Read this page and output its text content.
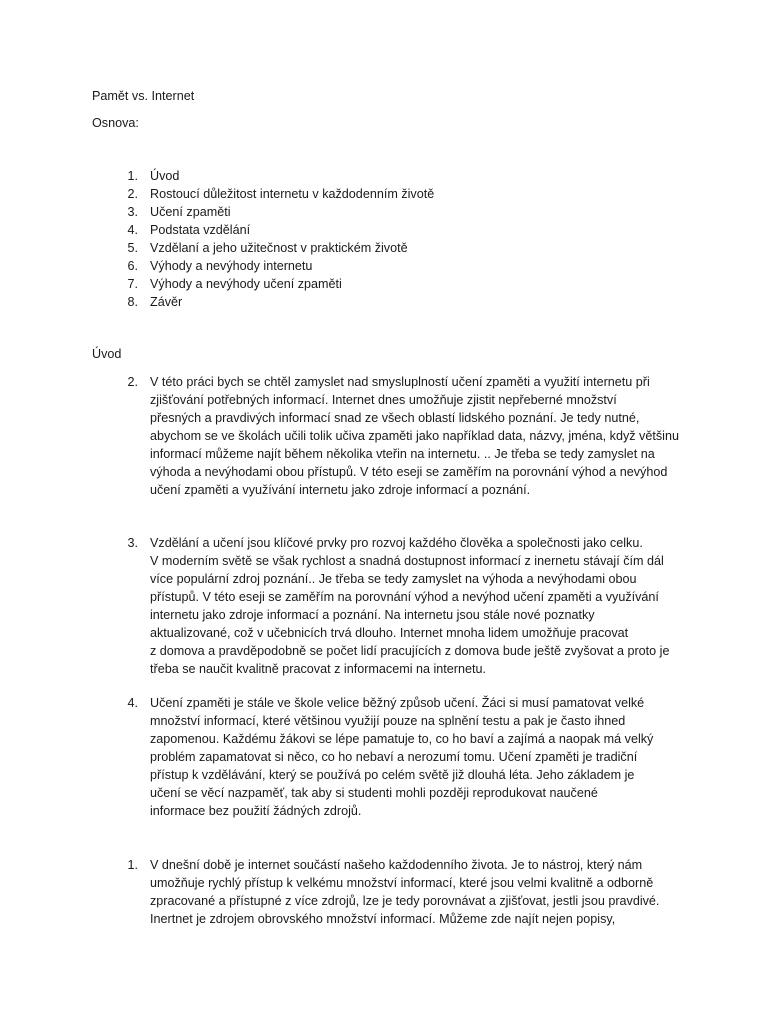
Pamět vs. Internet
Osnova:
1. Úvod
2. Rostoucí důležitost internetu v každodenním životě
3. Učení zpaměti
4. Podstata vzdělání
5. Vzdělaní a jeho užitečnost v praktickém životě
6. Výhody a nevýhody internetu
7. Výhody a nevýhody učení zpaměti
8. Závěr
Úvod
2. V této práci bych se chtěl zamyslet nad smysluplností učení zpaměti a využití internetu při
zjišťování potřebných informací. Internet dnes umožňuje zjistit nepřeberné množství
přesných a pravdivých informací snad ze všech oblastí lidského poznání. Je tedy nutné,
abychom se ve školách učili tolik učiva zpaměti jako například data, názvy, jména, když většinu
informací můžeme najít během několika vteřin na internetu. .. Je třeba se tedy zamyslet na
výhoda a nevýhodami obou přístupů. V této eseji se zaměřím na porovnání výhod a nevýhod
učení zpaměti a využívání internetu jako zdroje informací a poznání.
3. Vzdělání a učení jsou klíčové prvky pro rozvoj každého člověka a společnosti jako celku.
V moderním světě se však rychlost a snadná dostupnost informací z inernetu stávají čím dál
více populární zdroj poznání.. Je třeba se tedy zamyslet na výhoda a nevýhodami obou
přístupů. V této eseji se zaměřím na porovnání výhod a nevýhod učení zpaměti a využívání
internetu jako zdroje informací a poznání. Na internetu jsou stále nové poznatky
aktualizované, což v učebnicích trvá dlouho. Internet mnoha lidem umožňuje pracovat
z domova a pravděpodobně se počet lidí pracujících z domova bude ještě zvyšovat a proto je
třeba se naučit kvalitně pracovat z informacemi na internetu.
4. Učení zpaměti je stále ve škole velice běžný způsob učení. Žáci si musí pamatovat velké
množství informací, které většinou využijí pouze na splnění testu a pak je často ihned
zapomenou. Každému žákovi se lépe pamatuje to, co ho baví a zajímá a naopak má velký
problém zapamatovat si něco, co ho nebaví a nerozumí tomu. Učení zpaměti je tradiční
přístup k vzdělávání, který se používá po celém světě již dlouhá léta. Jeho základem je
učení se věcí nazpaměť, tak aby si studenti mohli později reprodukovat naučené
informace bez použití žádných zdrojů.
1. V dnešní době je internet součástí našeho každodenního života. Je to nástroj, který nám
umožňuje rychlý přístup k velkému množství informací, které jsou velmi kvalitně a odborně
zpracované a přístupné z více zdrojů, lze je tedy porovnávat a zjišťovat, jestli jsou pravdivé.
Inertnet je zdrojem obrovského množství informací. Můžeme zde najít nejen popisy,
